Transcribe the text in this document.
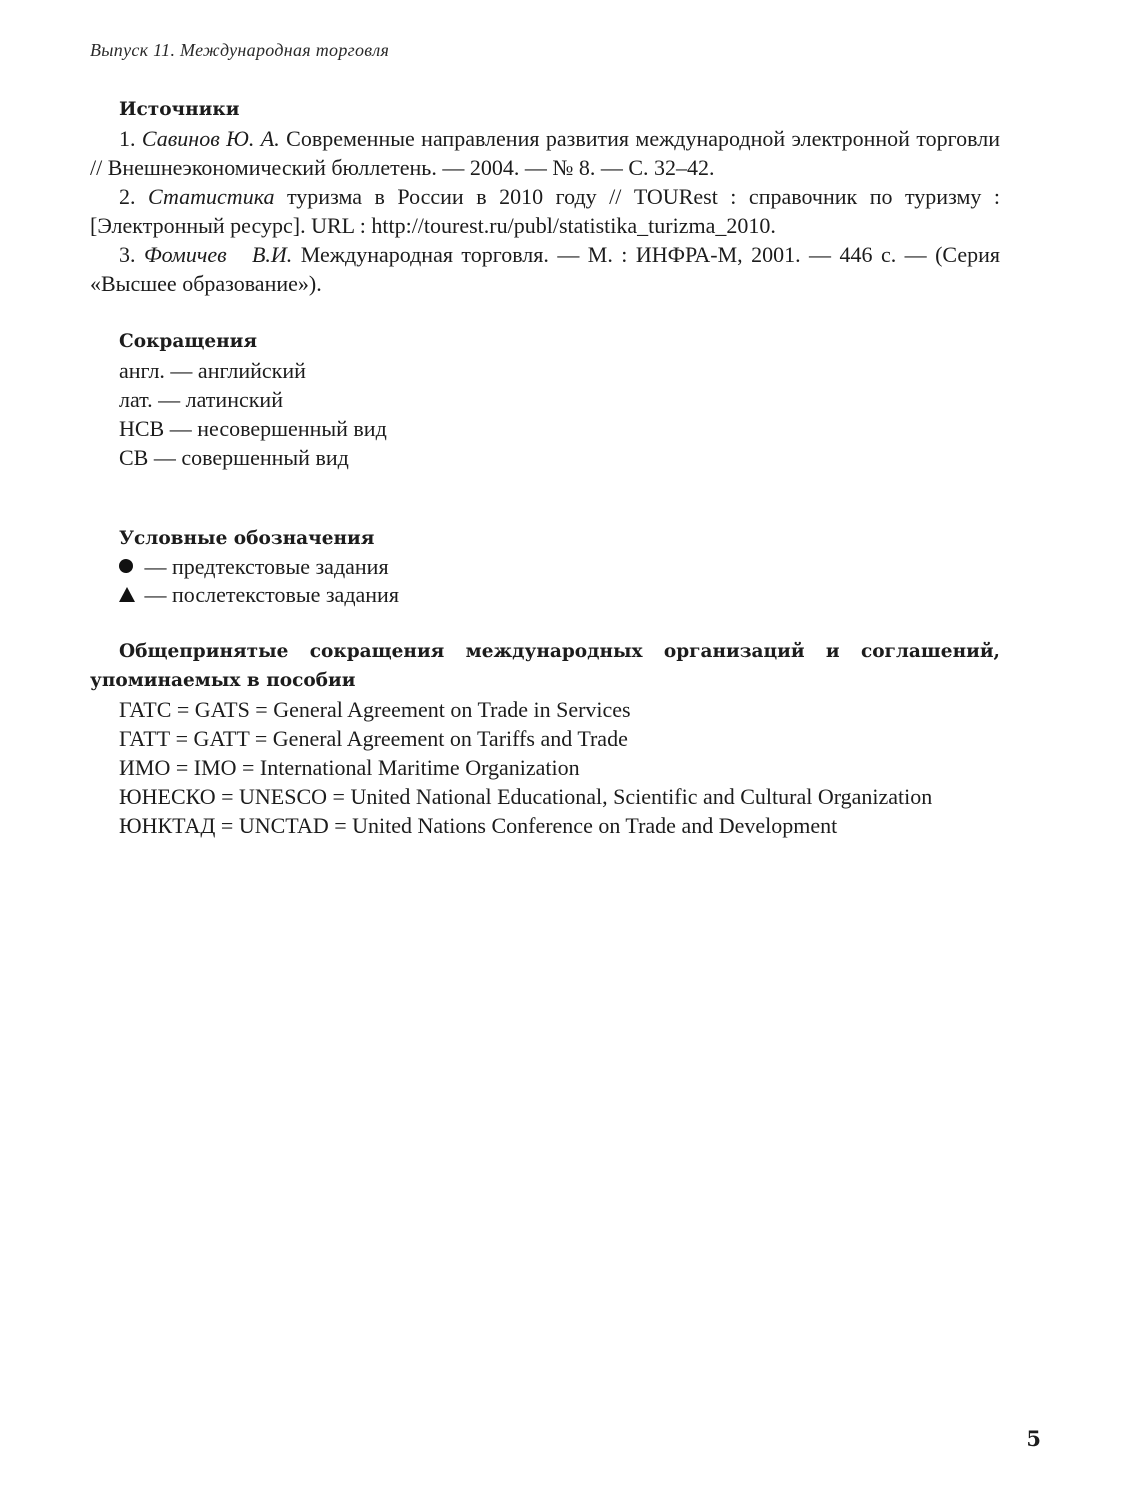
Выпуск 11. Международная торговля
Источники
1. Савинов Ю. А. Современные направления развития международной электронной торговли // Внешнеэкономический бюллетень. — 2004. — № 8. — С. 32–42.
2. Статистика туризма в России в 2010 году // TOURest : справочник по туризму : [Электронный ресурс]. URL : http://tourest.ru/publ/statistika_turizma_2010.
3. Фомичев   В.И. Международная торговля. — М. : ИНФРА-М, 2001. — 446 с. — (Серия «Высшее образование»).
Сокращения
англ. — английский
лат. — латинский
НСВ — несовершенный вид
СВ — совершенный вид
Условные обозначения
— предтекстовые задания
— послетекстовые задания
Общепринятые сокращения международных организаций и соглашений, упоминаемых в пособии
ГАТС = GATS = General Agreement on Trade in Services
ГАТТ = GATT = General Agreement on Tariffs and Trade
ИМО = IMO = International Maritime Organization
ЮНЕСКО = UNESCO = United National Educational, Scientific and Cultural Organization
ЮНКТАД = UNCTAD = United Nations Conference on Trade and Development
5
